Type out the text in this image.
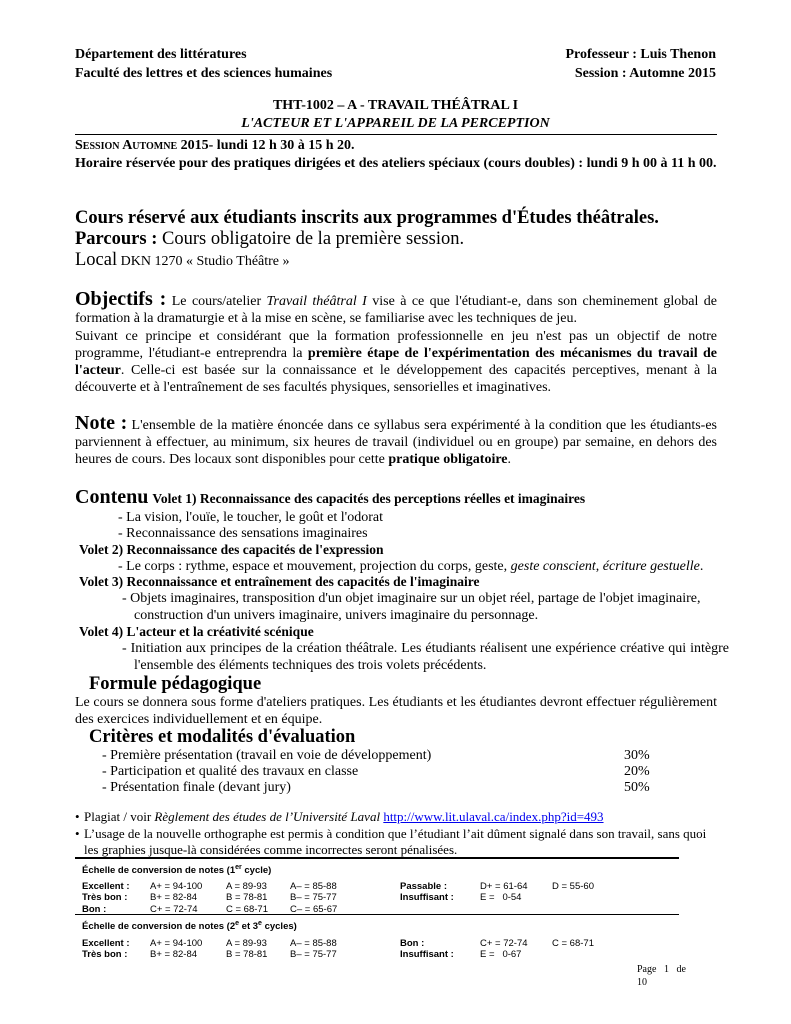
Département des littératures
Faculté des lettres et des sciences humaines
Professeur : Luis Thenon
Session : Automne 2015
THT-1002 – A - TRAVAIL THÉÂTRAL I
L'ACTEUR ET L'APPAREIL DE LA PERCEPTION
Session Automne 2015- lundi 12 h 30 à 15 h 20.
Horaire réservée pour des pratiques dirigées et des ateliers spéciaux (cours doubles) : lundi 9 h 00 à 11 h 00.
Cours réservé aux étudiants inscrits aux programmes d'Études théâtrales.
Parcours : Cours obligatoire de la première session.
Local DKN 1270 « Studio Théâtre »
Objectifs : Le cours/atelier Travail théâtral I vise à ce que l'étudiant-e, dans son cheminement global de formation à la dramaturgie et à la mise en scène, se familiarise avec les techniques de jeu.
Suivant ce principe et considérant que la formation professionnelle en jeu n'est pas un objectif de notre programme, l'étudiant-e entreprendra la première étape de l'expérimentation des mécanismes du travail de l'acteur. Celle-ci est basée sur la connaissance et le développement des capacités perceptives, menant à la découverte et à l'entraînement de ses facultés physiques, sensorielles et imaginatives.
Note : L'ensemble de la matière énoncée dans ce syllabus sera expérimenté à la condition que les étudiants-es parviennent à effectuer, au minimum, six heures de travail (individuel ou en groupe) par semaine, en dehors des heures de cours. Des locaux sont disponibles pour cette pratique obligatoire.
Contenu Volet 1) Reconnaissance des capacités des perceptions réelles et imaginaires
- La vision, l'ouïe, le toucher, le goût et l'odorat
- Reconnaissance des sensations imaginaires
Volet 2) Reconnaissance des capacités de l'expression
- Le corps : rythme, espace et mouvement, projection du corps, geste, geste conscient, écriture gestuelle.
Volet 3) Reconnaissance et entraînement des capacités de l'imaginaire
- Objets imaginaires, transposition d'un objet imaginaire sur un objet réel, partage de l'objet imaginaire, construction d'un univers imaginaire, univers imaginaire du personnage.
Volet 4) L'acteur et la créativité scénique
- Initiation aux principes de la création théâtrale. Les étudiants réalisent une expérience créative qui intègre l'ensemble des éléments techniques des trois volets précédents.
Formule pédagogique
Le cours se donnera sous forme d'ateliers pratiques. Les étudiants et les étudiantes devront effectuer régulièrement des exercices individuellement et en équipe.
Critères et modalités d'évaluation
- Première présentation (travail en voie de développement)	30%
- Participation et qualité des travaux en classe	20%
- Présentation finale (devant jury)	50%
• Plagiat / voir Règlement des études de l’Université Laval http://www.lit.ulaval.ca/index.php?id=493
• L’usage de la nouvelle orthographe est permis à condition que l’étudiant l’ait dûment signalé dans son travail, sans quoi les graphies jusque-là considérées comme incorrectes seront pénalisées.
Échelle de conversion de notes (1er cycle)
Excellent : A+ = 94-100 A = 89-93 A– = 85-88	Passable :	D+ = 61-64	D = 55-60
Très bon : B+ = 82-84	B = 78-81 B– = 75-77	Insuffisant :	E =   0-54
Bon :	C+ = 72-74	C = 68-71 C– = 65-67
Échelle de conversion de notes (2e et 3e cycles)
Excellent : A+ = 94-100 A = 89-93 A– = 85-88	Bon :	C+ = 72-74	C = 68-71
Très bon : B+ = 82-84	B = 78-81 B– = 75-77	Insuffisant :	E =   0-67
Page   1   de
10
